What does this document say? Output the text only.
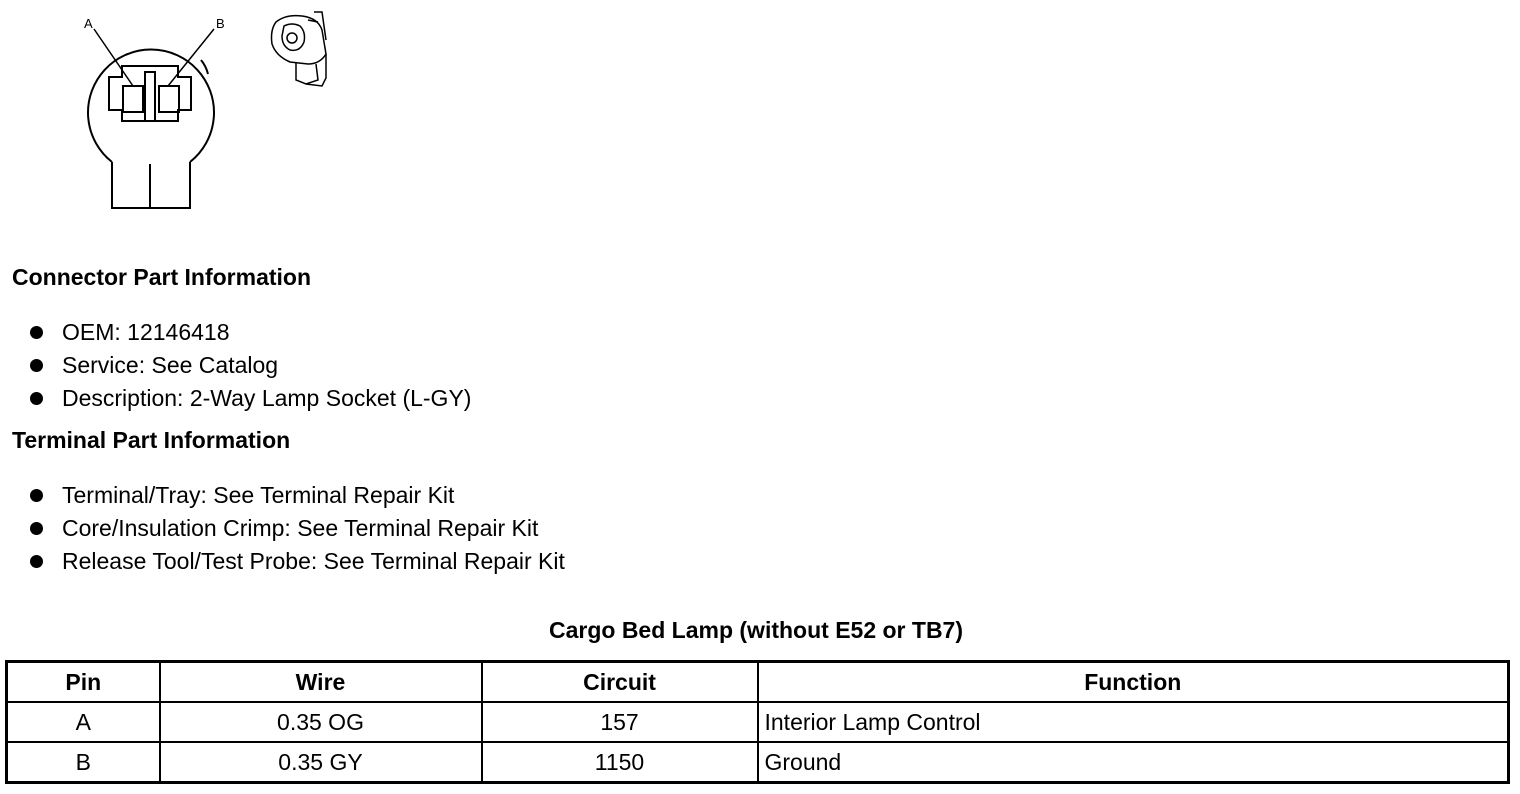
A	B
Connector Part Information
OEM: 12146418
Service: See Catalog
Description: 2-Way Lamp Socket (L-GY)
Terminal Part Information
Terminal/Tray: See Terminal Repair Kit
Core/Insulation Crimp: See Terminal Repair Kit
Release Tool/Test Probe: See Terminal Repair Kit
Cargo Bed Lamp (without E52 or TB7)
Pin	Wire	Circuit	Function
A	0.35 OG	157	Interior Lamp Control
B	0.35 GY	1150	Ground
